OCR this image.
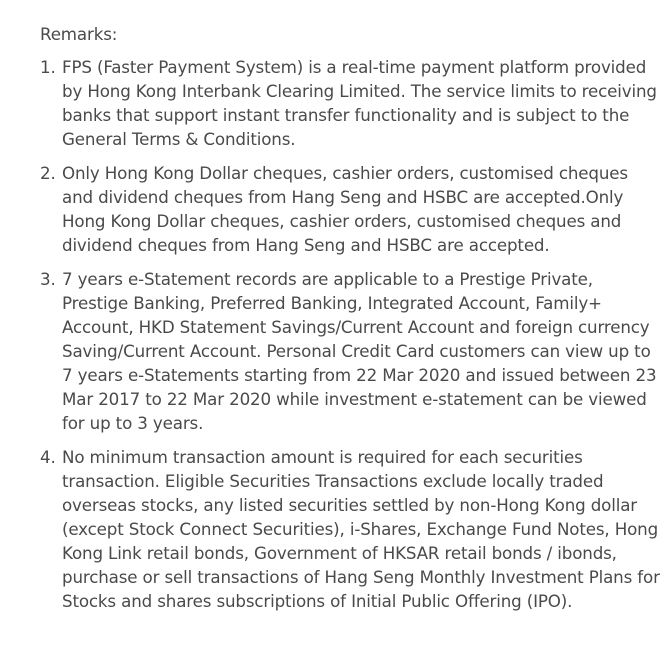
Remarks:
1. FPS (Faster Payment System) is a real-time payment platform provided by Hong Kong Interbank Clearing Limited. The service limits to receiving banks that support instant transfer functionality and is subject to the General Terms & Conditions.
2. Only Hong Kong Dollar cheques, cashier orders, customised cheques and dividend cheques from Hang Seng and HSBC are accepted.Only Hong Kong Dollar cheques, cashier orders, customised cheques and dividend cheques from Hang Seng and HSBC are accepted.
3. 7 years e-Statement records are applicable to a Prestige Private, Prestige Banking, Preferred Banking, Integrated Account, Family+ Account, HKD Statement Savings/Current Account and foreign currency Saving/Current Account. Personal Credit Card customers can view up to 7 years e-Statements starting from 22 Mar 2020 and issued between 23 Mar 2017 to 22 Mar 2020 while investment e-statement can be viewed for up to 3 years.
4. No minimum transaction amount is required for each securities transaction. Eligible Securities Transactions exclude locally traded overseas stocks, any listed securities settled by non-Hong Kong dollar (except Stock Connect Securities), i-Shares, Exchange Fund Notes, Hong Kong Link retail bonds, Government of HKSAR retail bonds / ibonds, purchase or sell transactions of Hang Seng Monthly Investment Plans for Stocks and shares subscriptions of Initial Public Offering (IPO).
